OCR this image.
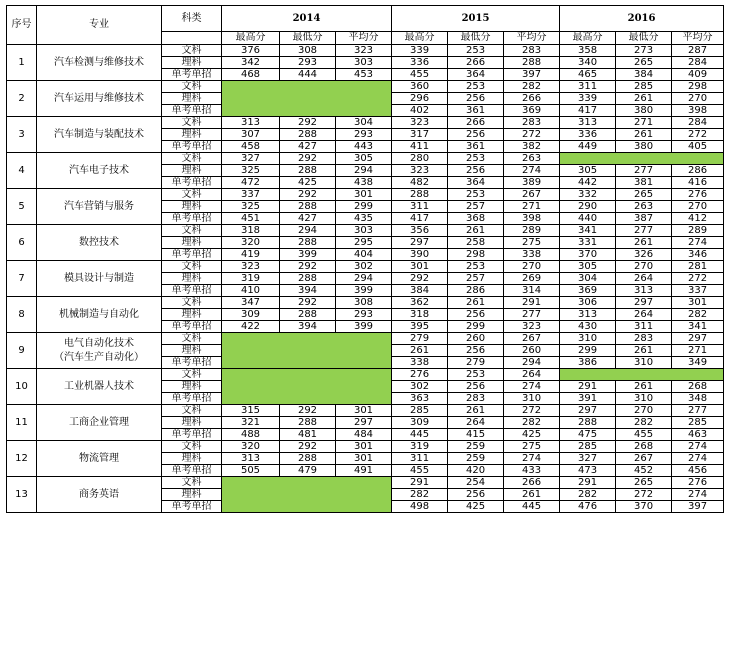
序号	专业	科类	2014			2015			2016		
			最高分	最低分	平均分	最高分	最低分	平均分	最高分	最低分	平均分
1	汽车检测与维修技术	文科	376	308	323	339	253	283	358	273	287
		理科	342	293	303	336	266	288	340	265	284
		单考单招	468	444	453	455	364	397	465	384	409
2	汽车运用与维修技术	文科				360	253	282	311	285	298
		理科				296	256	266	339	261	270
		单考单招				402	361	369	417	380	398
3	汽车制造与装配技术	文科	313	292	304	323	266	283	313	271	284
		理科	307	288	293	317	256	272	336	261	272
		单考单招	458	427	443	411	361	382	449	380	405
4	汽车电子技术	文科	327	292	305	280	253	263			
		理科	325	288	294	323	256	274	305	277	286
		单考单招	472	425	438	482	364	389	442	381	416
5	汽车营销与服务	文科	337	292	301	288	253	267	332	265	276
		理科	325	288	299	311	257	271	290	263	270
		单考单招	451	427	435	417	368	398	440	387	412
6	数控技术	文科	318	294	303	356	261	289	341	277	289
		理科	320	288	295	297	258	275	331	261	274
		单考单招	419	399	404	390	298	338	370	326	346
7	模具设计与制造	文科	323	292	302	301	253	270	305	270	281
		理科	319	288	294	292	257	269	304	264	272
		单考单招	410	394	399	384	286	314	369	313	337
8	机械制造与自动化	文科	347	292	308	362	261	291	306	297	301
		理科	309	288	293	318	256	277	313	264	282
		单考单招	422	394	399	395	299	323	430	311	341
9	电气自动化技术
（汽车生产自动化）	文科				279	260	267	310	283	297
		理科				261	256	260	299	261	271
		单考单招				338	279	294	386	310	349
10	工业机器人技术	文科				276	253	264			
		理科				302	256	274	291	261	268
		单考单招				363	283	310	391	310	348
11	工商企业管理	文科	315	292	301	285	261	272	297	270	277
		理科	321	288	297	309	264	282	288	282	285
		单考单招	488	481	484	445	415	425	475	455	463
12	物流管理	文科	320	292	301	319	259	275	285	268	274
		理科	313	288	301	311	259	274	327	267	274
		单考单招	505	479	491	455	420	433	473	452	456
13	商务英语	文科				291	254	266	291	265	276
		理科				282	256	261	282	272	274
		单考单招				498	425	445	476	370	397
